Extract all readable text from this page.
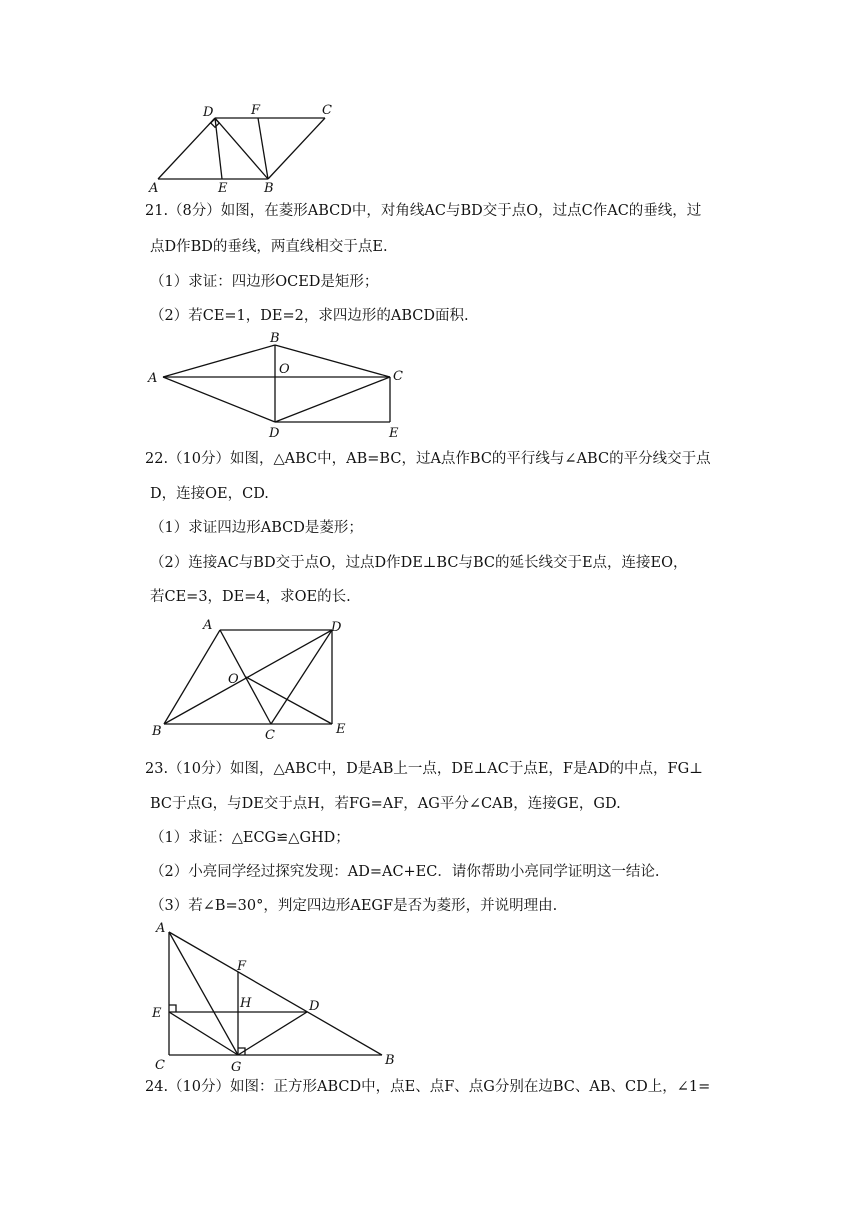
D	F	C
A	E	B
21.（8分）如图，在菱形ABCD中，对角线AC与BD交于点O，过点C作AC的垂线，过
点D作BD的垂线，两直线相交于点E.
（1）求证：四边形OCED是矩形；
（2）若CE=1，DE=2，求四边形的ABCD面积.
B
A
O	C
D	E
22.（10分）如图，△ABC中，AB=BC，过A点作BC的平行线与∠ABC的平分线交于点
D，连接OE，CD.
（1）求证四边形ABCD是菱形；
（2）连接AC与BD交于点O，过点D作DE⊥BC与BC的延长线交于E点，连接EO，
若CE=3，DE=4，求OE的长.
A	D
O
B	C	E
23.（10分）如图，△ABC中，D是AB上一点，DE⊥AC于点E，F是AD的中点，FG⊥
BC于点G，与DE交于点H，若FG=AF，AG平分∠CAB，连接GE，GD.
（1）求证：△ECG≌△GHD；
（2）小亮同学经过探究发现：AD=AC+EC．请你帮助小亮同学证明这一结论.
（3）若∠B=30°，判定四边形AEGF是否为菱形，并说明理由.
A
F
H
E	D
C	G	B
24.（10分）如图：正方形ABCD中，点E、点F、点G分别在边BC、AB、CD上，∠1=
